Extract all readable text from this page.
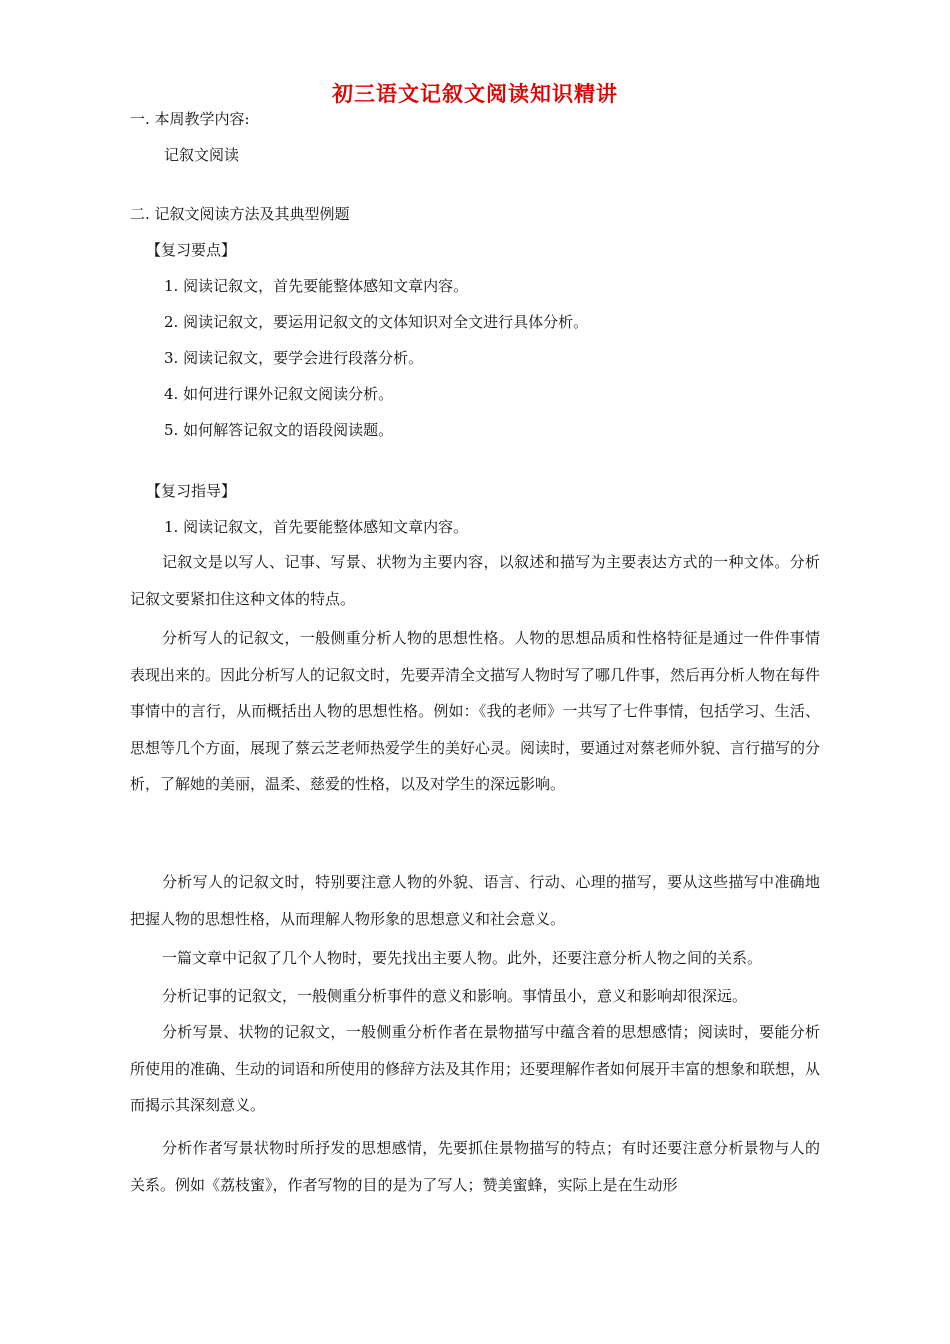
初三语文记叙文阅读知识精讲
一. 本周教学内容:
记叙文阅读
二. 记叙文阅读方法及其典型例题
【复习要点】
1. 阅读记叙文，首先要能整体感知文章内容。
2. 阅读记叙文，要运用记叙文的文体知识对全文进行具体分析。
3. 阅读记叙文，要学会进行段落分析。
4. 如何进行课外记叙文阅读分析。
5. 如何解答记叙文的语段阅读题。
【复习指导】
1. 阅读记叙文，首先要能整体感知文章内容。
记叙文是以写人、记事、写景、状物为主要内容，以叙述和描写为主要表达方式的一种文体。分析记叙文要紧扣住这种文体的特点。
分析写人的记叙文，一般侧重分析人物的思想性格。人物的思想品质和性格特征是通过一件件事情表现出来的。因此分析写人的记叙文时，先要弄清全文描写人物时写了哪几件事，然后再分析人物在每件事情中的言行，从而概括出人物的思想性格。例如：《我的老师》一共写了七件事情，包括学习、生活、思想等几个方面，展现了蔡云芝老师热爱学生的美好心灵。阅读时，要通过对蔡老师外貌、言行描写的分析，了解她的美丽，温柔、慈爱的性格，以及对学生的深远影响。
分析写人的记叙文时，特别要注意人物的外貌、语言、行动、心理的描写，要从这些描写中准确地把握人物的思想性格，从而理解人物形象的思想意义和社会意义。
一篇文章中记叙了几个人物时，要先找出主要人物。此外，还要注意分析人物之间的关系。
分析记事的记叙文，一般侧重分析事件的意义和影响。事情虽小，意义和影响却很深远。
分析写景、状物的记叙文，一般侧重分析作者在景物描写中蕴含着的思想感情；阅读时，要能分析所使用的准确、生动的词语和所使用的修辞方法及其作用；还要理解作者如何展开丰富的想象和联想，从而揭示其深刻意义。
分析作者写景状物时所抒发的思想感情，先要抓住景物描写的特点；有时还要注意分析景物与人的关系。例如《荔枝蜜》，作者写物的目的是为了写人；赞美蜜蜂，实际上是在生动形
